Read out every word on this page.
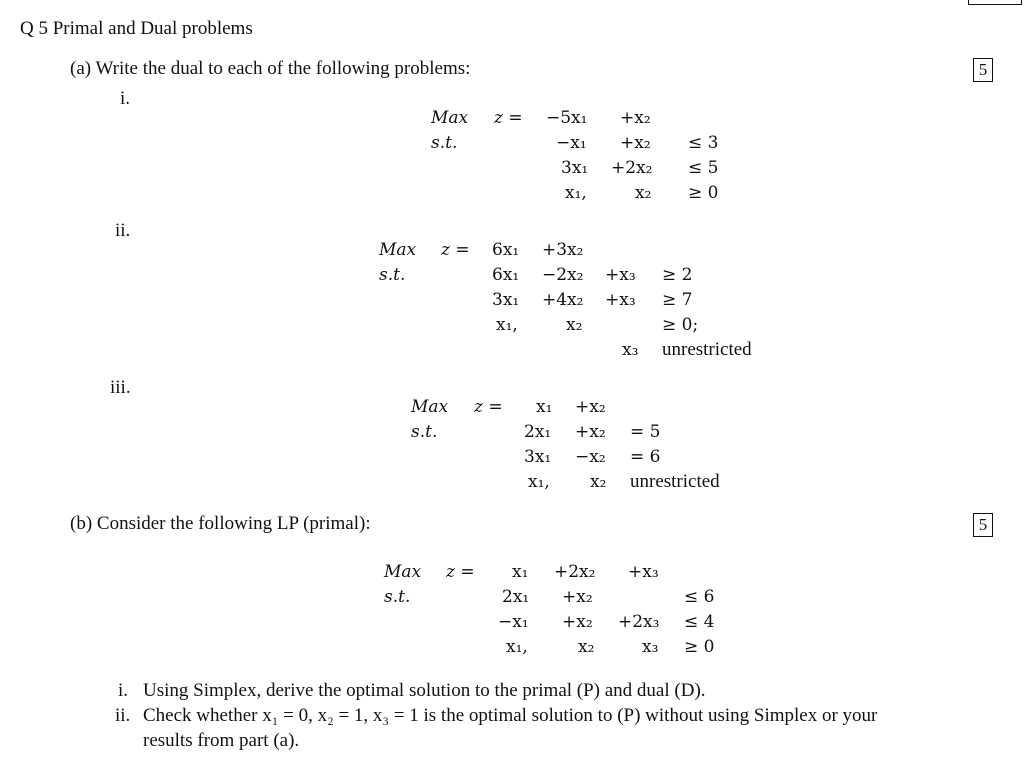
Q 5 Primal and Dual problems
(a) Write the dual to each of the following problems:	5
i.
Max z = −5x₁ +x₂
s.t.	−x₁ +x₂ ≤ 3
3x₁ +2x₂ ≤ 5
x₁,	x₂ ≥ 0
ii.
Max z = 6x₁ +3x₂
s.t.	6x₁ −2x₂ +x₃ ≥ 2
3x₁ +4x₂ +x₃ ≥ 7
x₁,	x₂	≥ 0;
x₃ unrestricted
iii.
Max z = x₁ +x₂
s.t.	2x₁ +x₂ = 5
3x₁ −x₂ = 6
x₁, x₂ unrestricted
(b) Consider the following LP (primal):	5
Max z = x₁ +2x₂ +x₃
s.t.	2x₁ +x₂	≤ 6
−x₁ +x₂ +2x₃ ≤ 4
x₁,	x₂	x₃ ≥ 0
i. Using Simplex, derive the optimal solution to the primal (P) and dual (D).
ii. Check whether x₁ = 0, x₂ = 1, x₃ = 1 is the optimal solution to (P) without using Simplex or your
results from part (a).
